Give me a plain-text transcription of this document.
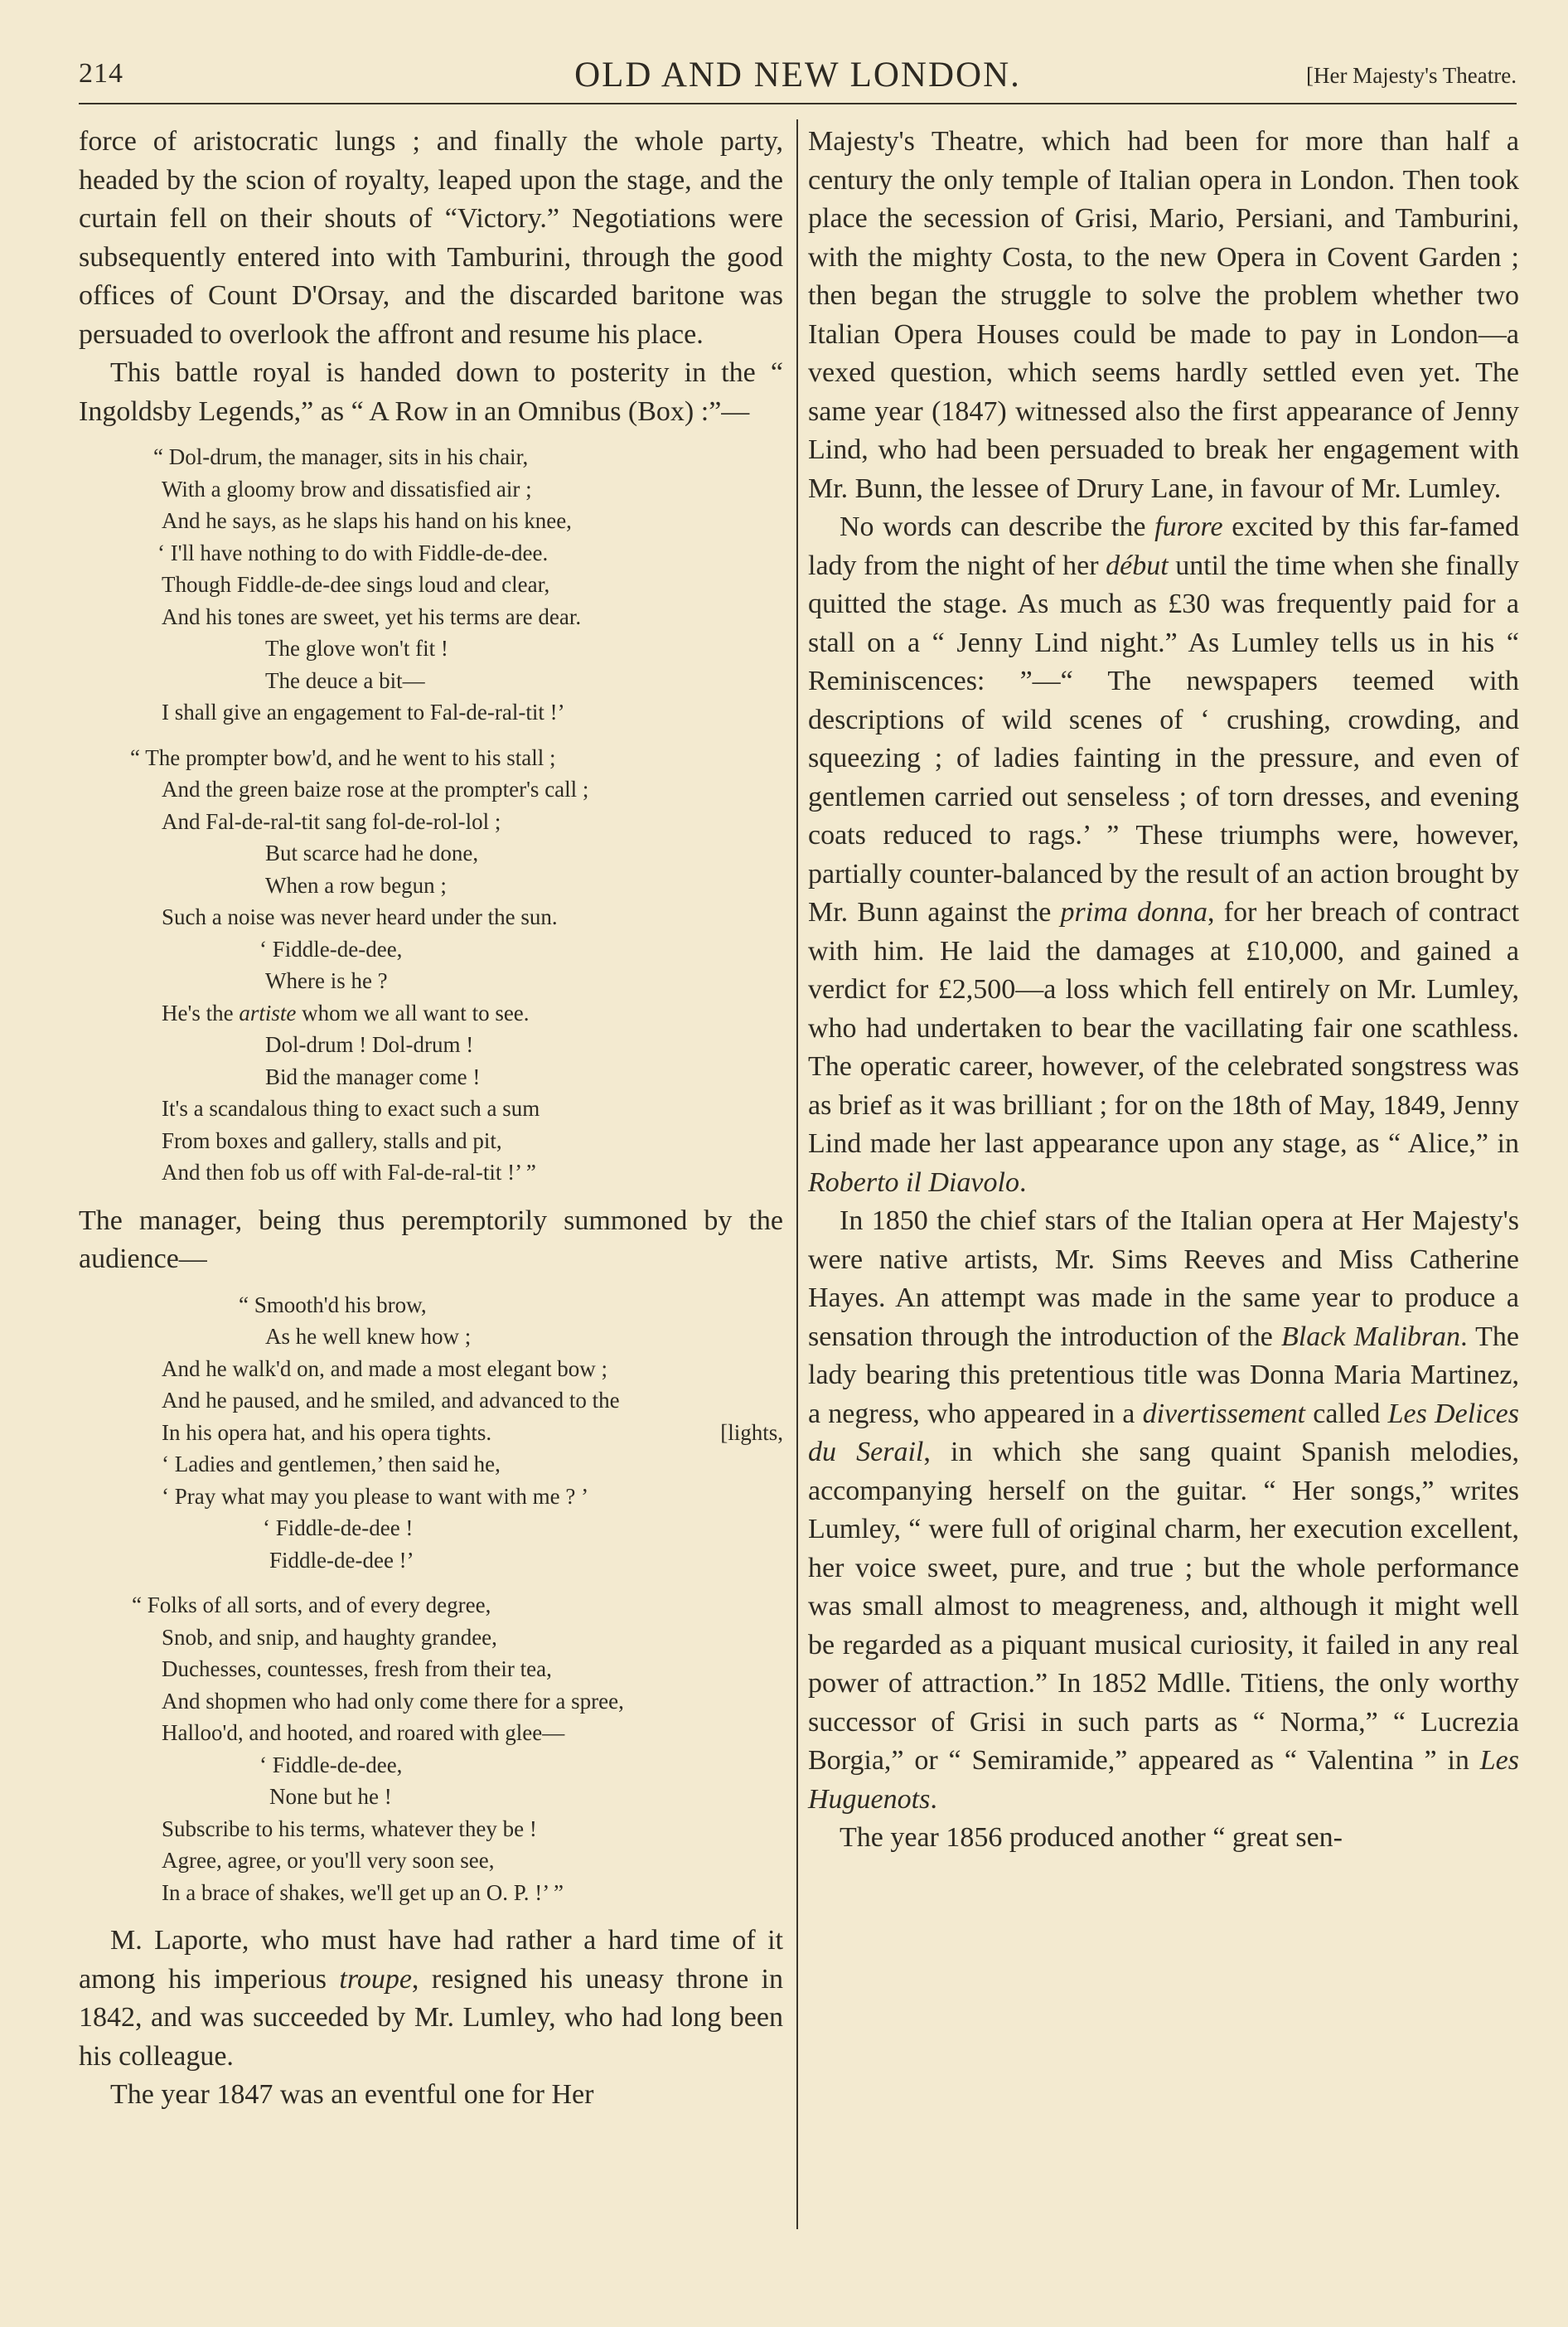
214	OLD AND NEW LONDON.	[Her Majesty's Theatre.

force of aristocratic lungs ; and finally the whole party, headed by the scion of royalty, leaped upon the stage, and the curtain fell on their shouts of “Victory.” Negotiations were subsequently entered into with Tamburini, through the good offices of Count D'Orsay, and the discarded baritone was persuaded to overlook the affront and resume his place.

This battle royal is handed down to posterity in the “ Ingoldsby Legends,” as “ A Row in an Omnibus (Box) :”—

“ Dol-drum, the manager, sits in his chair,
With a gloomy brow and dissatisfied air ;
And he says, as he slaps his hand on his knee,
‘ I'll have nothing to do with Fiddle-de-dee.
Though Fiddle-de-dee sings loud and clear,
And his tones are sweet, yet his terms are dear.
The glove won't fit !
The deuce a bit—
I shall give an engagement to Fal-de-ral-tit !’
“ The prompter bow'd, and he went to his stall ;
And the green baize rose at the prompter's call ;
And Fal-de-ral-tit sang fol-de-rol-lol ;
But scarce had he done,
When a row begun ;
Such a noise was never heard under the sun.
‘ Fiddle-de-dee,
Where is he ?
He's the artiste whom we all want to see.
Dol-drum ! Dol-drum !
Bid the manager come !
It's a scandalous thing to exact such a sum
From boxes and gallery, stalls and pit,
And then fob us off with Fal-de-ral-tit !’ ”

The manager, being thus peremptorily summoned by the audience—

“ Smooth'd his brow,
As he well knew how ;
And he walk'd on, and made a most elegant bow ;
And he paused, and he smiled, and advanced to the
In his opera hat, and his opera tights.	[lights,
‘ Ladies and gentlemen,’ then said he,
‘ Pray what may you please to want with me ? ’
‘ Fiddle-de-dee !
Fiddle-de-dee !’
“ Folks of all sorts, and of every degree,
Snob, and snip, and haughty grandee,
Duchesses, countesses, fresh from their tea,
And shopmen who had only come there for a spree,
Halloo'd, and hooted, and roared with glee—
‘ Fiddle-de-dee,
None but he !
Subscribe to his terms, whatever they be !
Agree, agree, or you'll very soon see,
In a brace of shakes, we'll get up an O. P. !’ ”

M. Laporte, who must have had rather a hard time of it among his imperious troupe, resigned his uneasy throne in 1842, and was succeeded by Mr. Lumley, who had long been his colleague.

The year 1847 was an eventful one for Her

Majesty's Theatre, which had been for more than half a century the only temple of Italian opera in London. Then took place the secession of Grisi, Mario, Persiani, and Tamburini, with the mighty Costa, to the new Opera in Covent Garden ; then began the struggle to solve the problem whether two Italian Opera Houses could be made to pay in London—a vexed question, which seems hardly settled even yet. The same year (1847) witnessed also the first appearance of Jenny Lind, who had been persuaded to break her engagement with Mr. Bunn, the lessee of Drury Lane, in favour of Mr. Lumley.

No words can describe the furore excited by this far-famed lady from the night of her début until the time when she finally quitted the stage. As much as £30 was frequently paid for a stall on a “ Jenny Lind night.” As Lumley tells us in his “ Reminiscences: ”—“ The newspapers teemed with descriptions of wild scenes of ‘ crushing, crowding, and squeezing ; of ladies fainting in the pressure, and even of gentlemen carried out senseless ; of torn dresses, and evening coats reduced to rags.’ ” These triumphs were, however, partially counter-balanced by the result of an action brought by Mr. Bunn against the prima donna, for her breach of contract with him. He laid the damages at £10,000, and gained a verdict for £2,500—a loss which fell entirely on Mr. Lumley, who had undertaken to bear the vacillating fair one scathless. The operatic career, however, of the celebrated songstress was as brief as it was brilliant ; for on the 18th of May, 1849, Jenny Lind made her last appearance upon any stage, as “ Alice,” in Roberto il Diavolo.

In 1850 the chief stars of the Italian opera at Her Majesty's were native artists, Mr. Sims Reeves and Miss Catherine Hayes. An attempt was made in the same year to produce a sensation through the introduction of the Black Malibran. The lady bearing this pretentious title was Donna Maria Martinez, a negress, who appeared in a divertissement called Les Delices du Serail, in which she sang quaint Spanish melodies, accompanying herself on the guitar. “ Her songs,” writes Lumley, “ were full of original charm, her execution excellent, her voice sweet, pure, and true ; but the whole performance was small almost to meagreness, and, although it might well be regarded as a piquant musical curiosity, it failed in any real power of attraction.” In 1852 Mdlle. Titiens, the only worthy successor of Grisi in such parts as “ Norma,” “ Lucrezia Borgia,” or “ Semiramide,” appeared as “ Valentina ” in Les Huguenots.

The year 1856 produced another “ great sen-
